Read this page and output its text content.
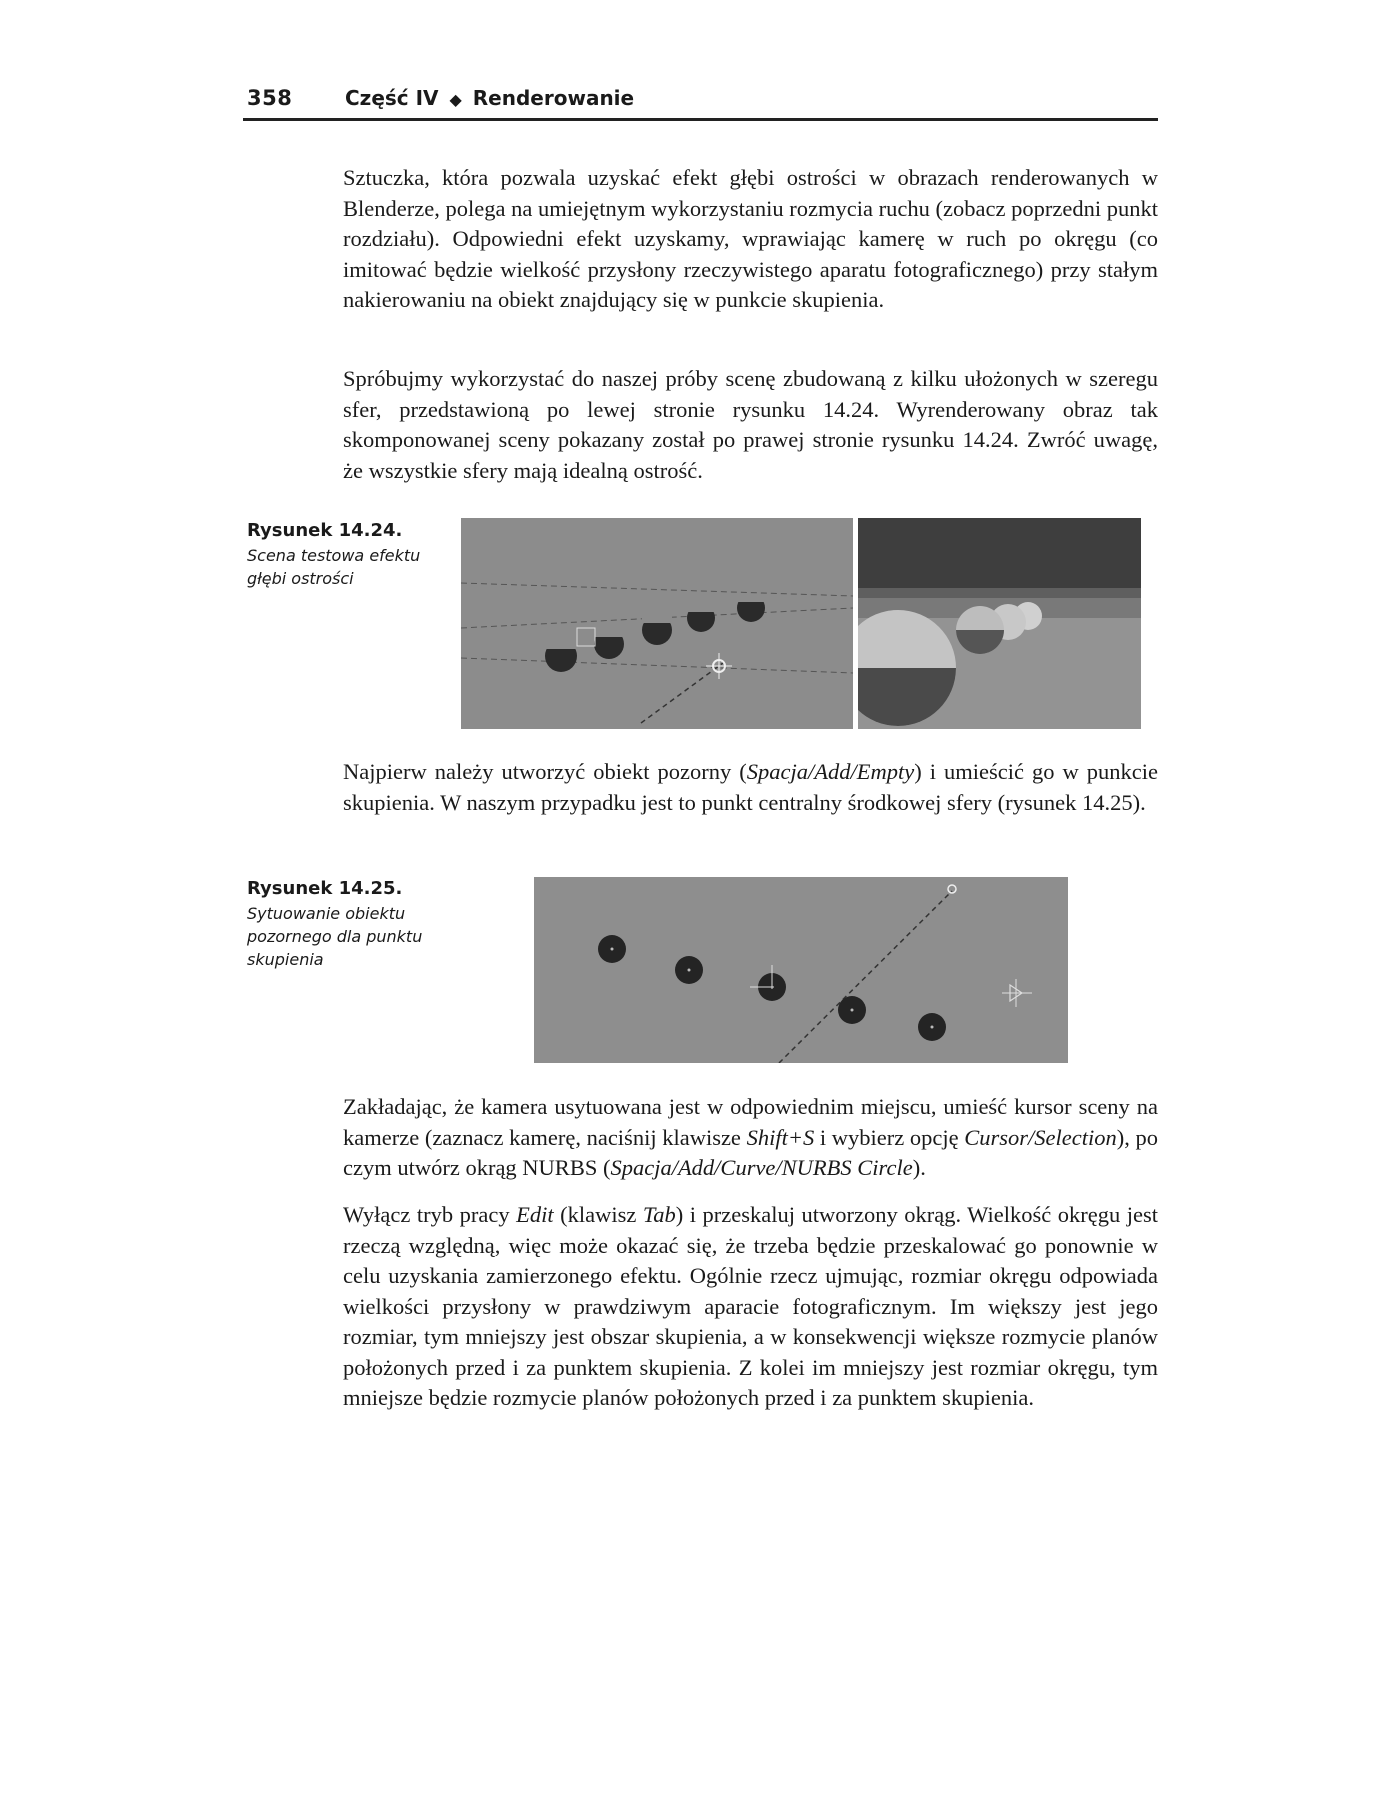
358	Część IV ◆ Renderowanie

Sztuczka, która pozwala uzyskać efekt głębi ostrości w obrazach renderowanych w Blenderze, polega na umiejętnym wykorzystaniu rozmycia ruchu (zobacz poprzedni punkt rozdziału). Odpowiedni efekt uzyskamy, wprawiając kamerę w ruch po okręgu (co imitować będzie wielkość przysłony rzeczywistego aparatu fotograficznego) przy stałym nakierowaniu na obiekt znajdujący się w punkcie skupienia.

Spróbujmy wykorzystać do naszej próby scenę zbudowaną z kilku ułożonych w szeregu sfer, przedstawioną po lewej stronie rysunku 14.24. Wyrenderowany obraz tak skomponowanej sceny pokazany został po prawej stronie rysunku 14.24. Zwróć uwagę, że wszystkie sfery mają idealną ostrość.

Rysunek 14.24.
Scena testowa efektu głębi ostrości

Najpierw należy utworzyć obiekt pozorny (Spacja/Add/Empty) i umieścić go w punkcie skupienia. W naszym przypadku jest to punkt centralny środkowej sfery (rysunek 14.25).

Rysunek 14.25.
Sytuowanie obiektu pozornego dla punktu skupienia

Zakładając, że kamera usytuowana jest w odpowiednim miejscu, umieść kursor sceny na kamerze (zaznacz kamerę, naciśnij klawisze Shift+S i wybierz opcję Cursor/Selection), po czym utwórz okrąg NURBS (Spacja/Add/Curve/NURBS Circle).

Wyłącz tryb pracy Edit (klawisz Tab) i przeskaluj utworzony okrąg. Wielkość okręgu jest rzeczą względną, więc może okazać się, że trzeba będzie przeskalować go ponownie w celu uzyskania zamierzonego efektu. Ogólnie rzecz ujmując, rozmiar okręgu odpowiada wielkości przysłony w prawdziwym aparacie fotograficznym. Im większy jest jego rozmiar, tym mniejszy jest obszar skupienia, a w konsekwencji większe rozmycie planów położonych przed i za punktem skupienia. Z kolei im mniejszy jest rozmiar okręgu, tym mniejsze będzie rozmycie planów położonych przed i za punktem skupienia.
